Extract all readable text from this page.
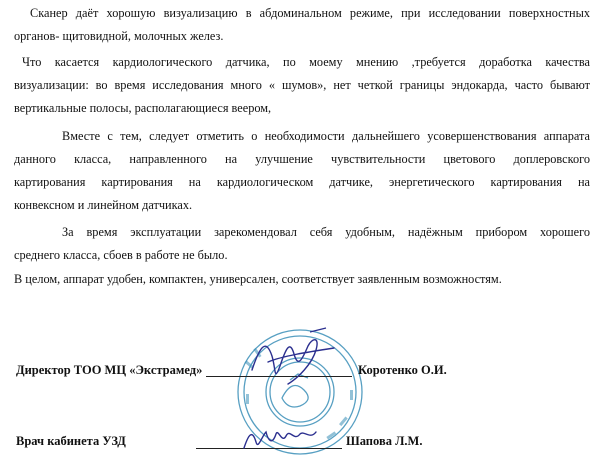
Сканер даёт хорошую визуализацию в абдоминальном режиме, при исследовании поверхностных
органов- щитовидной, молочных желез.
Что касается кардиологического датчика, по моему мнению ,требуется доработка качества
визуализации: во время исследования много « шумов», нет четкой границы эндокарда, часто бывают
вертикальные полосы, располагающиеся веером,
Вместе с тем, следует отметить о необходимости дальнейшего усовершенствования аппарата
данного класса, направленного на улучшение чувствительности цветового доплеровского
картирования картирования на кардиологическом датчике, энергетического картирования на
конвексном и линейном датчиках.
За время эксплуатации зарекомендовал себя удобным, надёжным прибором хорошего
среднего класса, сбоев в работе не было.
В целом, аппарат удобен, компактен, универсален, соответствует заявленным возможностям.
Директор ТОО МЦ «Экстрамед»	Коротенко О.И.
Врач кабинета УЗД	Шапова Л.М.
